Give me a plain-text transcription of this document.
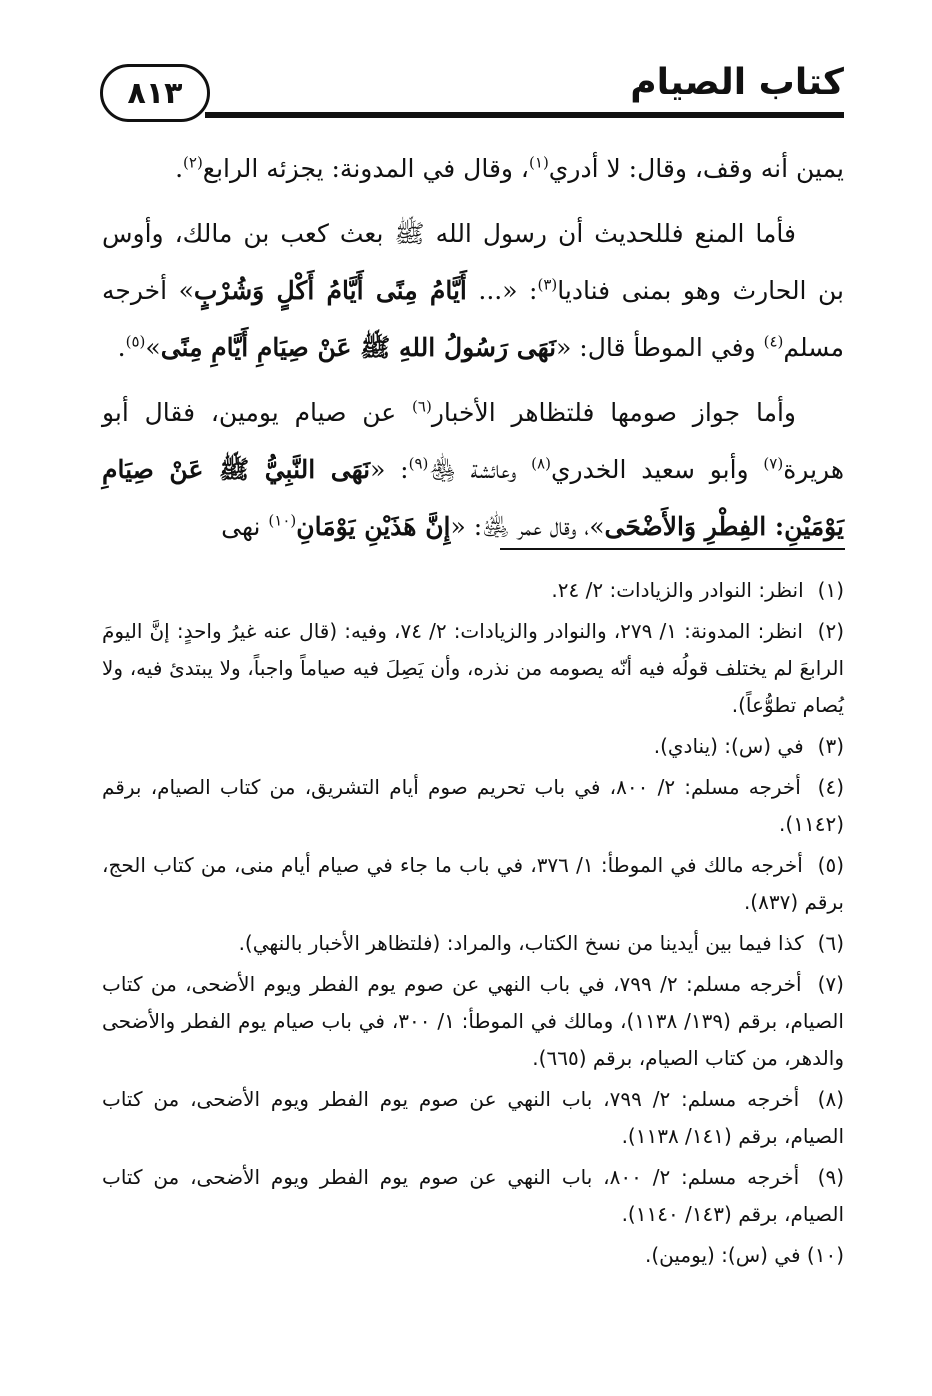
٨١٣	كتاب الصيام

يمين أنه وقف، وقال: لا أدري$^{(١)}$، وقال في المدونة: يجزئه الرابع$^{(٢)}$.

فأما المنع فللحديث أن رسول الله ﷺ بعث كعب بن مالك، وأوس بن الحارث وهو بمنى فناديا$^{(٣)}$: «... أَيَّامُ مِنًى أَيَّامُ أَكْلٍ وَشُرْبٍ» أخرجه مسلم$^{(٤)}$ وفي الموطأ قال: «نَهَى رَسُولُ اللهِ ﷺ عَنْ صِيَامِ أَيَّامِ مِنًى»$^{(٥)}$.

وأما جواز صومها فلتظاهر الأخبار$^{(٦)}$ عن صيام يومين، فقال أبو هريرة$^{(٧)}$ وأبو سعيد الخدري$^{(٨)}$ وعائشة ﵃$^{(٩)}$: «نَهَى النَّبِيُّ ﷺ عَنْ صِيَامِ يَوْمَيْنِ: الفِطْرِ وَالأَضْحَى»، وقال عمر ﵁: «إِنَّ هَذَيْنِ يَوْمَانِ$^{(١٠)}$ نهى

(١) انظر: النوادر والزيادات: ٢/ ٢٤.
(٢) انظر: المدونة: ١/ ٢٧٩، والنوادر والزيادات: ٢/ ٧٤، وفيه: (قال عنه غيرُ واحدٍ: إنَّ اليومَ الرابعَ لم يختلف قولُه فيه أنّه يصومه من نذره، وأن يَصِلَ فيه صياماً واجباً، ولا يبتدئ فيه، ولا يُصام تطوُّعاً).
(٣) في (س): (ينادي).
(٤) أخرجه مسلم: ٢/ ٨٠٠، في باب تحريم صوم أيام التشريق، من كتاب الصيام، برقم (١١٤٢).
(٥) أخرجه مالك في الموطأ: ١/ ٣٧٦، في باب ما جاء في صيام أيام منى، من كتاب الحج، برقم (٨٣٧).
(٦) كذا فيما بين أيدينا من نسخ الكتاب، والمراد: (فلتظاهر الأخبار بالنهي).
(٧) أخرجه مسلم: ٢/ ٧٩٩، في باب النهي عن صوم يوم الفطر ويوم الأضحى، من كتاب الصيام، برقم (١٣٩/ ١١٣٨)، ومالك في الموطأ: ١/ ٣٠٠، في باب صيام يوم الفطر والأضحى والدهر، من كتاب الصيام، برقم (٦٦٥).
(٨) أخرجه مسلم: ٢/ ٧٩٩، باب النهي عن صوم يوم الفطر ويوم الأضحى، من كتاب الصيام، برقم (١٤١/ ١١٣٨).
(٩) أخرجه مسلم: ٢/ ٨٠٠، باب النهي عن صوم يوم الفطر ويوم الأضحى، من كتاب الصيام، برقم (١٤٣/ ١١٤٠).
(١٠) في (س): (يومين).
